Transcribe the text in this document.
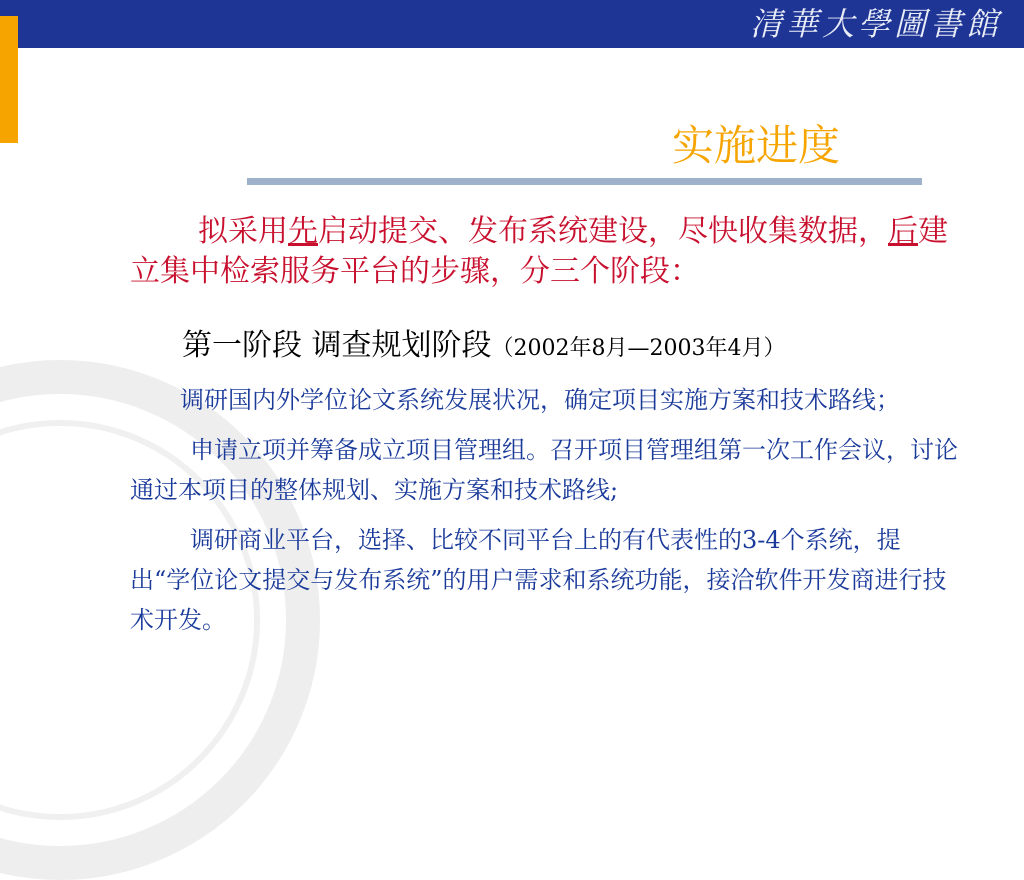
清華大學圖書館
实施进度

拟采用先启动提交、发布系统建设，尽快收集数据，后建立集中检索服务平台的步骤，分三个阶段：

第一阶段 调查规划阶段（2002年8月—2003年4月）

调研国内外学位论文系统发展状况，确定项目实施方案和技术路线；

申请立项并筹备成立项目管理组。召开项目管理组第一次工作会议，讨论通过本项目的整体规划、实施方案和技术路线;

调研商业平台，选择、比较不同平台上的有代表性的3-4个系统，提出“学位论文提交与发布系统”的用户需求和系统功能，接洽软件开发商进行技术开发。
